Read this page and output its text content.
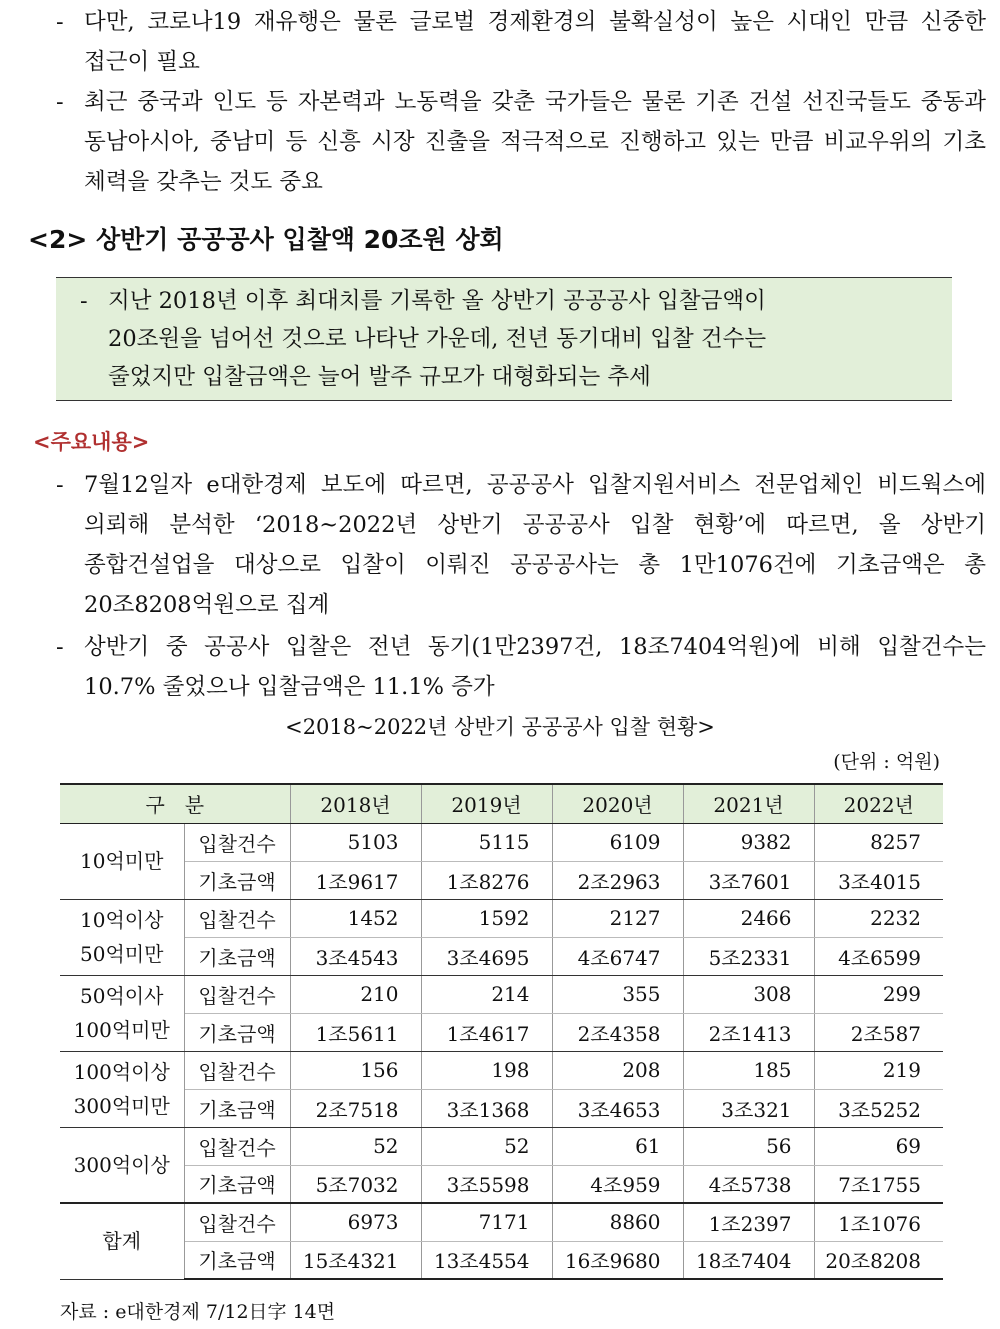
- 다만, 코로나19 재유행은 물론 글로벌 경제환경의 불확실성이 높은 시대인 만큼 신중한 접근이 필요
- 최근 중국과 인도 등 자본력과 노동력을 갖춘 국가들은 물론 기존 건설 선진국들도 중동과 동남아시아, 중남미 등 신흥 시장 진출을 적극적으로 진행하고 있는 만큼 비교우위의 기초 체력을 갖추는 것도 중요
<2> 상반기 공공공사 입찰액 20조원 상회
- 지난 2018년 이후 최대치를 기록한 올 상반기 공공공사 입찰금액이 20조원을 넘어선 것으로 나타난 가운데, 전년 동기대비 입찰 건수는 줄었지만 입찰금액은 늘어 발주 규모가 대형화되는 추세
<주요내용>
- 7월12일자 e대한경제 보도에 따르면, 공공공사 입찰지원서비스 전문업체인 비드웍스에 의뢰해 분석한 ‘2018~2022년 상반기 공공공사 입찰 현황’에 따르면, 올 상반기 종합건설업을 대상으로 입찰이 이뤄진 공공공사는 총 1만1076건에 기초금액은 총 20조8208억원으로 집계
- 상반기 중 공공사 입찰은 전년 동기(1만2397건, 18조7404억원)에 비해 입찰건수는 10.7% 줄었으나 입찰금액은 11.1% 증가
<2018~2022년 상반기 공공공사 입찰 현황>
(단위 : 억원)
구　분		2018년	2019년	2020년	2021년	2022년
10억미만	입찰건수	5103	5115	6109	9382	8257
	기초금액	1조9617	1조8276	2조2963	3조7601	3조4015
10억이상
50억미만	입찰건수	1452	1592	2127	2466	2232
	기초금액	3조4543	3조4695	4조6747	5조2331	4조6599
50억이사
100억미만	입찰건수	210	214	355	308	299
	기초금액	1조5611	1조4617	2조4358	2조1413	2조587
100억이상
300억미만	입찰건수	156	198	208	185	219
	기초금액	2조7518	3조1368	3조4653	3조321	3조5252
300억이상	입찰건수	52	52	61	56	69
	기초금액	5조7032	3조5598	4조959	4조5738	7조1755
합계	입찰건수	6973	7171	8860	1조2397	1조1076
	기초금액	15조4321	13조4554	16조9680	18조7404	20조8208
자료 : e대한경제 7/12日字 14면
